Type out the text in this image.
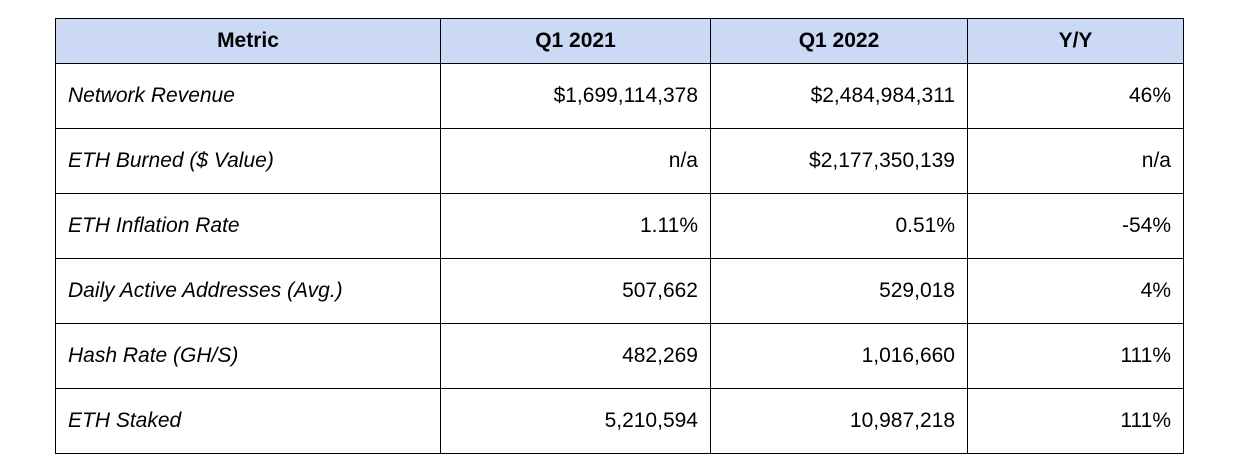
Metric	Q1 2021	Q1 2022	Y/Y
Network Revenue	$1,699,114,378	$2,484,984,311	46%
ETH Burned ($ Value)	n/a	$2,177,350,139	n/a
ETH Inflation Rate	1.11%	0.51%	-54%
Daily Active Addresses (Avg.)	507,662	529,018	4%
Hash Rate (GH/S)	482,269	1,016,660	111%
ETH Staked	5,210,594	10,987,218	111%
